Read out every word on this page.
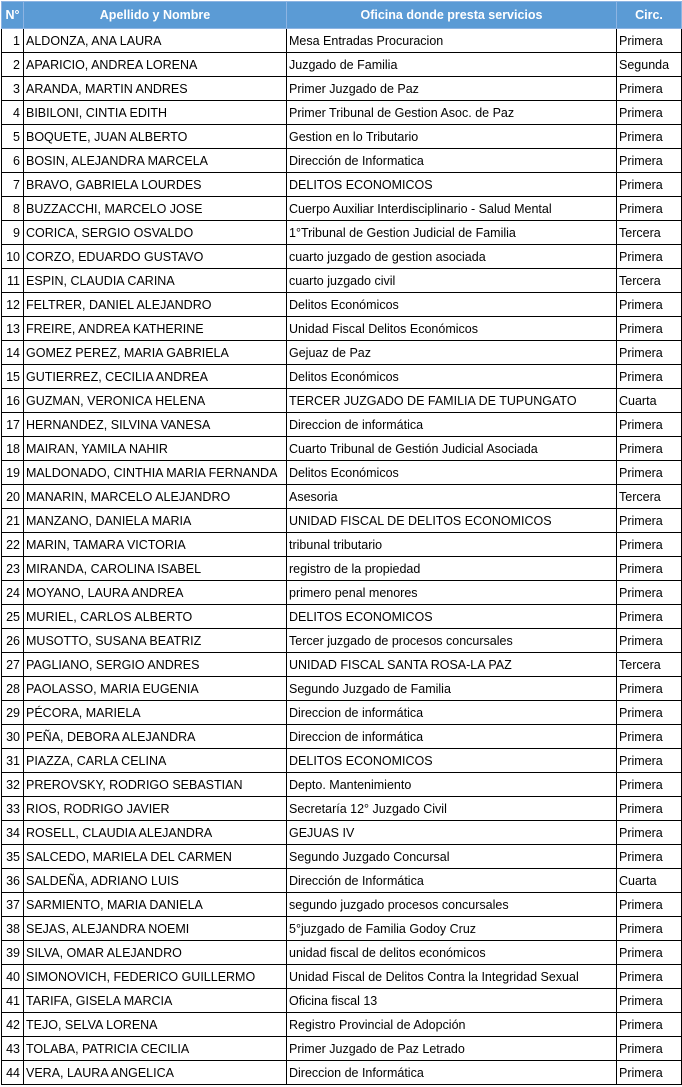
N°	Apellido y Nombre	Oficina donde presta servicios	Circ.
1	ALDONZA, ANA LAURA	Mesa Entradas Procuracion	Primera
2	APARICIO, ANDREA LORENA	Juzgado de Familia	Segunda
3	ARANDA, MARTIN ANDRES	Primer Juzgado de Paz	Primera
4	BIBILONI, CINTIA EDITH	Primer Tribunal de Gestion Asoc. de Paz	Primera
5	BOQUETE, JUAN ALBERTO	Gestion en lo Tributario	Primera
6	BOSIN, ALEJANDRA MARCELA	Dirección de Informatica	Primera
7	BRAVO, GABRIELA LOURDES	DELITOS ECONOMICOS	Primera
8	BUZZACCHI, MARCELO JOSE	Cuerpo Auxiliar Interdisciplinario - Salud Mental	Primera
9	CORICA, SERGIO OSVALDO	1°Tribunal de Gestion Judicial de Familia	Tercera
10	CORZO, EDUARDO GUSTAVO	cuarto juzgado de gestion asociada	Primera
11	ESPIN, CLAUDIA CARINA	cuarto juzgado civil	Tercera
12	FELTRER, DANIEL ALEJANDRO	Delitos Económicos	Primera
13	FREIRE, ANDREA KATHERINE	Unidad Fiscal Delitos Económicos	Primera
14	GOMEZ PEREZ, MARIA GABRIELA	Gejuaz de Paz	Primera
15	GUTIERREZ, CECILIA ANDREA	Delitos Económicos	Primera
16	GUZMAN, VERONICA HELENA	TERCER JUZGADO DE FAMILIA DE TUPUNGATO	Cuarta
17	HERNANDEZ, SILVINA VANESA	Direccion de informática	Primera
18	MAIRAN, YAMILA NAHIR	Cuarto Tribunal de Gestión Judicial Asociada	Primera
19	MALDONADO, CINTHIA MARIA FERNANDA	Delitos Económicos	Primera
20	MANARIN, MARCELO ALEJANDRO	Asesoria	Tercera
21	MANZANO, DANIELA MARIA	UNIDAD FISCAL DE DELITOS ECONOMICOS	Primera
22	MARIN, TAMARA VICTORIA	tribunal tributario	Primera
23	MIRANDA, CAROLINA ISABEL	registro de la propiedad	Primera
24	MOYANO, LAURA ANDREA	primero penal menores	Primera
25	MURIEL, CARLOS ALBERTO	DELITOS ECONOMICOS	Primera
26	MUSOTTO, SUSANA BEATRIZ	Tercer juzgado de procesos concursales	Primera
27	PAGLIANO, SERGIO ANDRES	UNIDAD FISCAL SANTA ROSA-LA PAZ	Tercera
28	PAOLASSO, MARIA EUGENIA	Segundo Juzgado de Familia	Primera
29	PÉCORA, MARIELA	Direccion de informática	Primera
30	PEÑA, DEBORA ALEJANDRA	Direccion de informática	Primera
31	PIAZZA, CARLA CELINA	DELITOS ECONOMICOS	Primera
32	PREROVSKY, RODRIGO SEBASTIAN	Depto. Mantenimiento	Primera
33	RIOS, RODRIGO JAVIER	Secretaría 12° Juzgado Civil	Primera
34	ROSELL, CLAUDIA ALEJANDRA	GEJUAS IV	Primera
35	SALCEDO, MARIELA DEL CARMEN	Segundo Juzgado Concursal	Primera
36	SALDEÑA, ADRIANO LUIS	Dirección de Informática	Cuarta
37	SARMIENTO, MARIA DANIELA	segundo juzgado procesos concursales	Primera
38	SEJAS, ALEJANDRA NOEMI	5°juzgado de Familia Godoy Cruz	Primera
39	SILVA, OMAR ALEJANDRO	unidad fiscal de delitos económicos	Primera
40	SIMONOVICH, FEDERICO GUILLERMO	Unidad Fiscal de Delitos Contra la Integridad Sexual	Primera
41	TARIFA, GISELA MARCIA	Oficina fiscal 13	Primera
42	TEJO, SELVA LORENA	Registro Provincial de Adopción	Primera
43	TOLABA, PATRICIA CECILIA	Primer Juzgado de Paz Letrado	Primera
44	VERA, LAURA ANGELICA	Direccion de Informática	Primera
